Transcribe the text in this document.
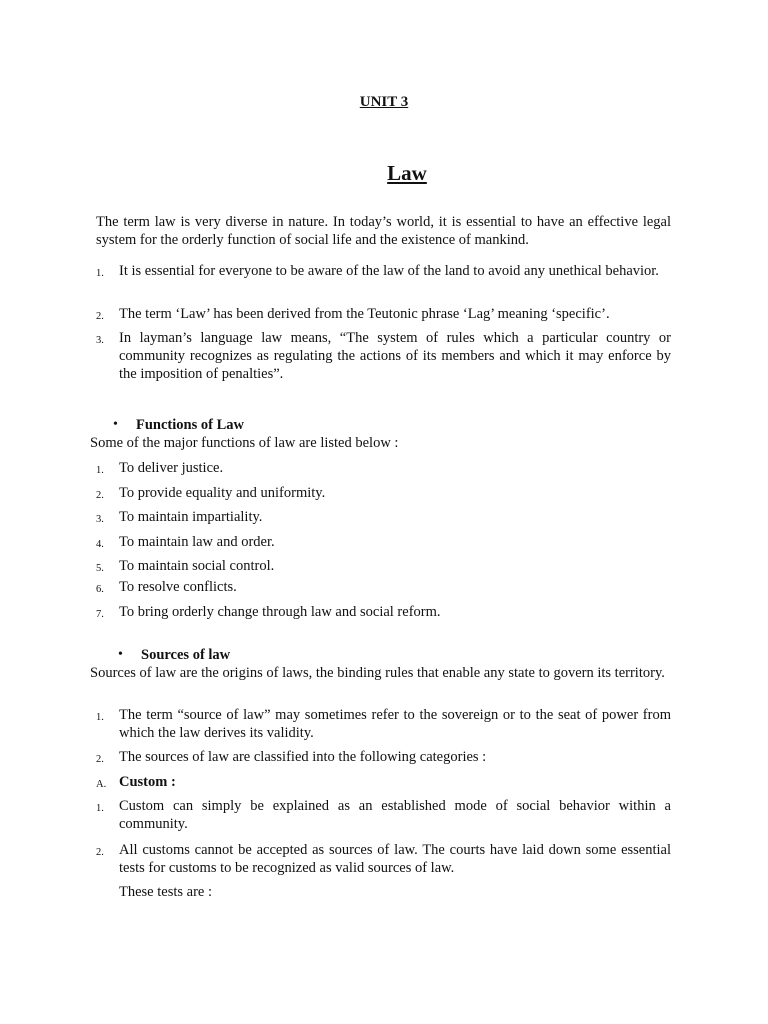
UNIT 3
Law
The term law is very diverse in nature. In today’s world, it is essential to have an effective legal system for the orderly function of social life and the existence of mankind.
1.	It is essential for everyone to be aware of the law of the land to avoid any unethical behavior.
2.	The term ‘Law’ has been derived from the Teutonic phrase ‘Lag’ meaning ‘specific’.
3.	In layman’s language law means, “The system of rules which a particular country or community recognizes as regulating the actions of its members and which it may enforce by the imposition of penalties”.
• Functions of Law
Some of the major functions of law are listed below :
1.	To deliver justice.
2.	To provide equality and uniformity.
3.	To maintain impartiality.
4.	To maintain law and order.
5.	To maintain social control.
6.	To resolve conflicts.
7.	To bring orderly change through law and social reform.
• Sources of law
Sources of law are the origins of laws, the binding rules that enable any state to govern its territory.
1.	The term “source of law” may sometimes refer to the sovereign or to the seat of power from which the law derives its validity.
2.	The sources of law are classified into the following categories :
A. Custom :
1.	Custom can simply be explained as an established mode of social behavior within a community.
2.	All customs cannot be accepted as sources of law. The courts have laid down some essential tests for customs to be recognized as valid sources of law.
These tests are :
